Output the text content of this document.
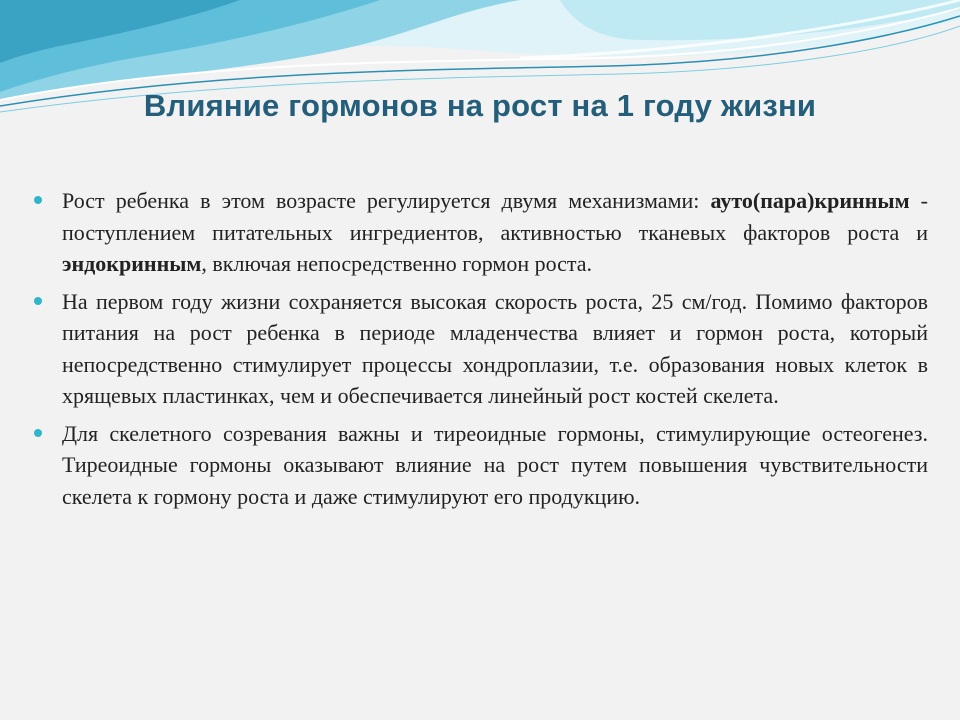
Влияние гормонов на рост на 1 году жизни
Рост ребенка в этом возрасте регулируется двумя механизмами: ауто(пара)кринным - поступлением питательных ингредиентов, активностью тканевых факторов роста и эндокринным, включая непосредственно гормон роста.
На первом году жизни сохраняется высокая скорость роста, 25 см/год. Помимо факторов питания на рост ребенка в периоде младенчества влияет и гормон роста, который непосредственно стимулирует процессы хондроплазии, т.е. образования новых клеток в хрящевых пластинках, чем и обеспечивается линейный рост костей скелета.
Для скелетного созревания важны и тиреоидные гормоны, стимулирующие остеогенез. Тиреоидные гормоны оказывают влияние на рост путем повышения чувствительности скелета к гормону роста и даже стимулируют его продукцию.
